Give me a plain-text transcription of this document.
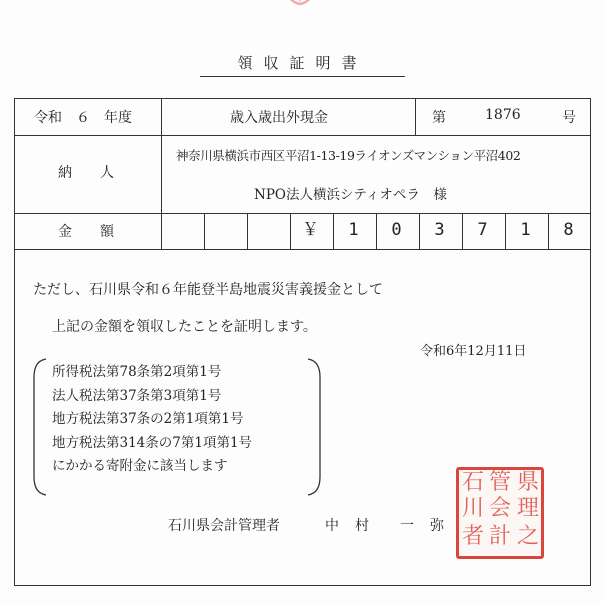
領収証明書
令和　６　年度	歳入歳出外現金	第	1876	号
納　　人
神奈川県横浜市西区平沼1-13-19ライオンズマンション平沼402
NPO法人横浜シティオペラ　様
金　　額	￥	1	0	3	7	1	8
ただし、石川県令和６年能登半島地震災害義援金として
上記の金額を領収したことを証明します。
令和6年12月11日
所得税法第78条第2項第1号
法人税法第37条第3項第1号
地方税法第37条の2第1項第1号
地方税法第314条の7第1項第1号
にかかる寄附金に該当します
石川県会計管理者	中　村　　一　弥
県
理
之
管
会
計
石
川
者
